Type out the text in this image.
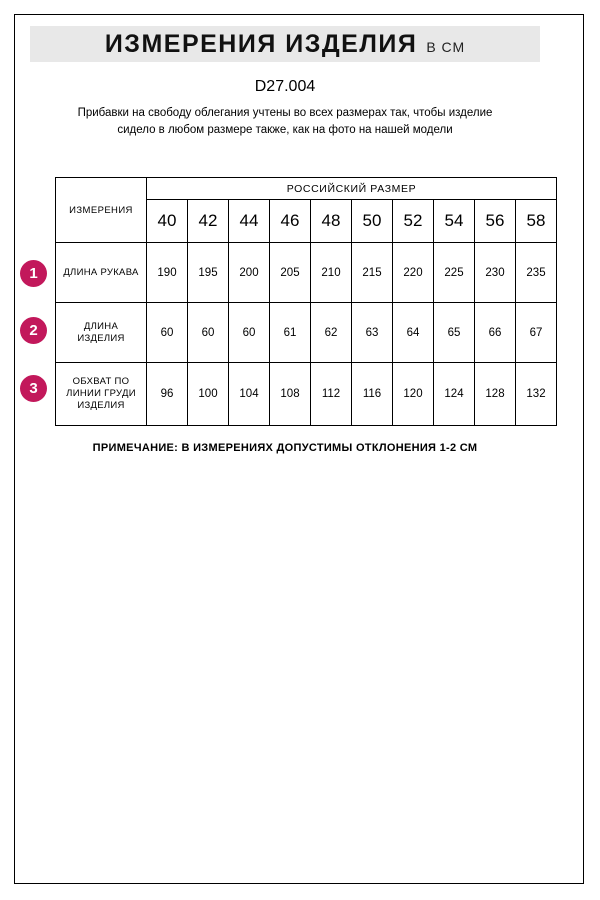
ИЗМЕРЕНИЯ ИЗДЕЛИЯ В СМ
D27.004
Прибавки на свободу облегания учтены во всех размерах так, чтобы изделие сидело в любом размере также, как на фото на нашей модели
1
2
3
ИЗМЕРЕНИЯ	РОССИЙСКИЙ РАЗМЕР									
	40	42	44	46	48	50	52	54	56	58
ДЛИНА РУКАВА	190	195	200	205	210	215	220	225	230	235
ДЛИНА ИЗДЕЛИЯ	60	60	60	61	62	63	64	65	66	67
ОБХВАТ ПО ЛИНИИ ГРУДИ ИЗДЕЛИЯ	96	100	104	108	112	116	120	124	128	132
ПРИМЕЧАНИЕ: В ИЗМЕРЕНИЯХ ДОПУСТИМЫ ОТКЛОНЕНИЯ 1-2 СМ
